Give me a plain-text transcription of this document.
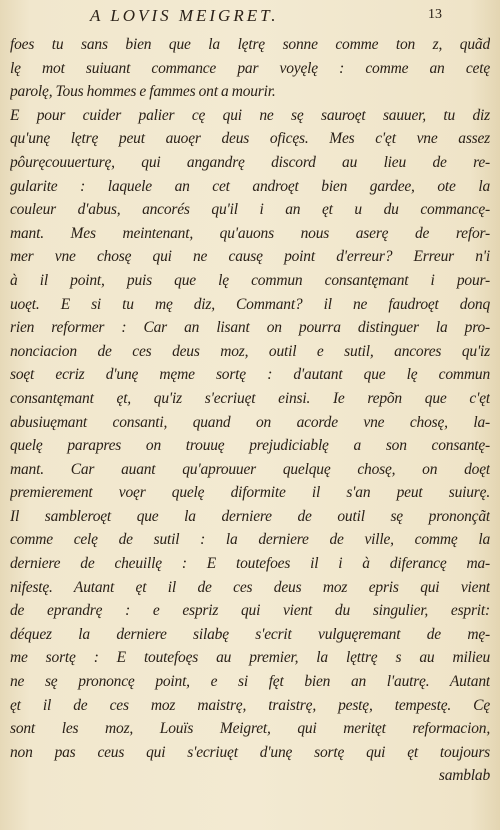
A LOVIS MEIGRET.	13
foes tu sans bien que la lętrę sonne comme ton z, quãd
lę mot suiuant commance par voyęlę : comme an cetę
parolę, Tous hommes e fammes ont a mourir.
E pour cuider palier cę qui ne sę sauroęt sauuer, tu diz
qu'unę lętrę peut auoęr deus oficęs. Mes c'ęt vne assez
pôuręcouuerturę, qui angandrę discord au lieu de re-
gularite : laquele an cet androęt bien gardee, ote la
couleur d'abus, ancorés qu'il i an ęt u du commancę-
mant. Mes meintenant, qu'auons nous aserę de refor-
mer vne chosę qui ne causę point d'erreur? Erreur n'i
à il point, puis que lę commun consantęmant i pour-
uoęt. E si tu mę diz, Commant? il ne faudroęt donq
rien reformer : Car an lisant on pourra distinguer la pro-
nonciacion de ces deus moz, outil e sutil, ancores qu'iz
soęt ecriz d'unę męme sortę : d'autant que lę commun
consantęmant ęt, qu'iz s'ecriuęt einsi. Ie repõn que c'ęt
abusiuęmant consanti, quand on acorde vne chosę, la-
quelę parapres on trouuę prejudiciablę a son consantę-
mant. Car auant qu'aprouuer quelquę chosę, on doęt
premierement voęr quelę diformite il s'an peut suiurę.
Il sambleroęt que la derniere de outil sę prononçãt
comme celę de sutil : la derniere de ville, commę la
derniere de cheuillę : E toutefoes il i à diferancę ma-
nifestę. Autant ęt il de ces deus moz epris qui vient
de eprandrę : e espriz qui vient du singulier, esprit:
déquez la derniere silabę s'ecrit vulguęremant de mę-
me sortę : E toutefoęs au premier, la lęttrę s au milieu
ne sę prononcę point, e si fęt bien an l'autrę. Autant
ęt il de ces moz maistrę, traistrę, pestę, tempestę. Cę
sont les moz, Louïs Meigret, qui meritęt reformacion,
non pas ceus qui s'ecriuęt d'unę sortę qui ęt toujours
samblab
